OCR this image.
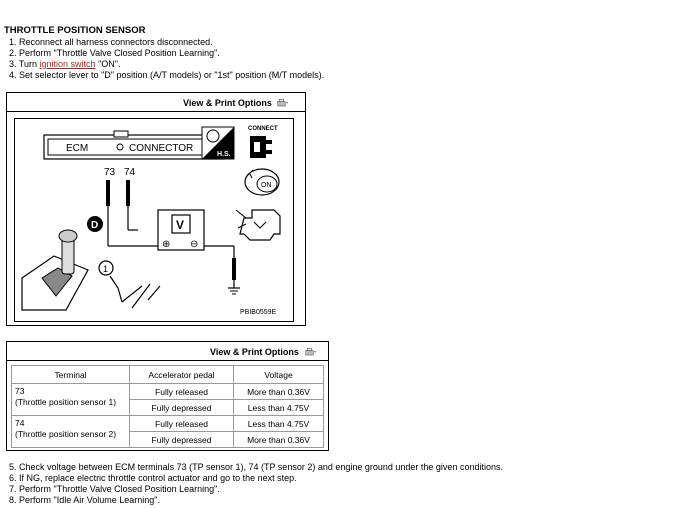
THROTTLE POSITION SENSOR
1. Reconnect all harness connectors disconnected.
2. Perform "Throttle Valve Closed Position Learning".
3. Turn ignition switch "ON".
4. Set selector lever to "D" position (A/T models) or "1st" position (M/T models).
View & Print Options
ECM	CONNECTOR
H.S.
CONNECT
ON
73 74
V
⊕ ⊖
D
1
PBIB0559E
View & Print Options
Terminal	Accelerator pedal	Voltage
73
(Throttle position sensor 1)	Fully released	More than 0.36V
	Fully depressed	Less than 4.75V
74
(Throttle position sensor 2)	Fully released	Less than 4.75V
	Fully depressed	More than 0.36V
5. Check voltage between ECM terminals 73 (TP sensor 1), 74 (TP sensor 2) and engine ground under the given conditions.
6. If NG, replace electric throttle control actuator and go to the next step.
7. Perform "Throttle Valve Closed Position Learning".
8. Perform "Idle Air Volume Learning".
